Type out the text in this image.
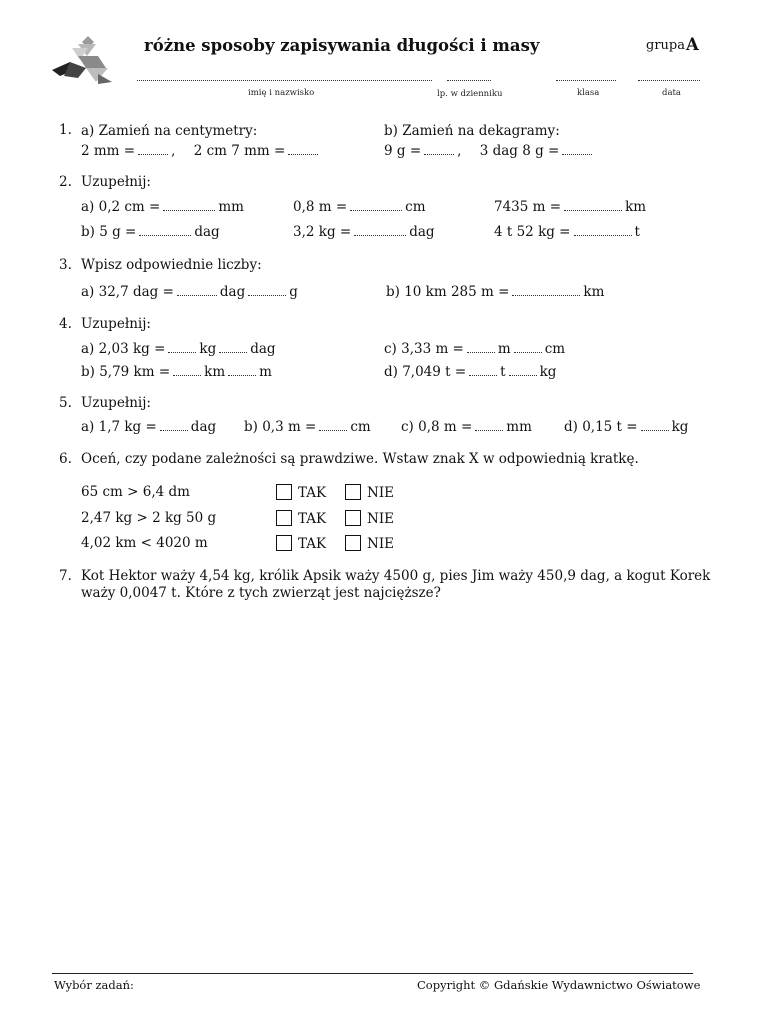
różne sposoby zapisywania długości i masy	grupa A
imię i nazwisko	lp. w dzienniku	klasa	data
1. a) Zamień na centymetry:	b) Zamień na dekagramy:
2 mm =	, 2 cm 7 mm =	9 g =	, 3 dag 8 g =
2. Uzupełnij:
a) 0,2 cm =	mm	0,8 m =	cm	7435 m =	km
b) 5 g =	dag	3,2 kg =	dag	4 t 52 kg =	t
3. Wpisz odpowiednie liczby:
a) 32,7 dag =	dag	g	b) 10 km 285 m =	km
4. Uzupełnij:
a) 2,03 kg =	kg	dag	c) 3,33 m =	m	cm
b) 5,79 km =	km	m	d) 7,049 t =	t	kg
5. Uzupełnij:
a) 1,7 kg =	dag b) 0,3 m =	cm c) 0,8 m =	mm d) 0,15 t =	kg
6. Oceń, czy podane zależności są prawdziwe. Wstaw znak X w odpowiednią kratkę.
65 cm > 6,4 dm	TAK	NIE
2,47 kg > 2 kg 50 g	TAK	NIE
4,02 km < 4020 m	TAK	NIE
7. Kot Hektor waży 4,54 kg, królik Apsik waży 4500 g, pies Jim waży 450,9 dag, a kogut Korek
waży 0,0047 t. Które z tych zwierząt jest najcięższe?
Wybór zadań:	Copyright © Gdańskie Wydawnictwo Oświatowe
